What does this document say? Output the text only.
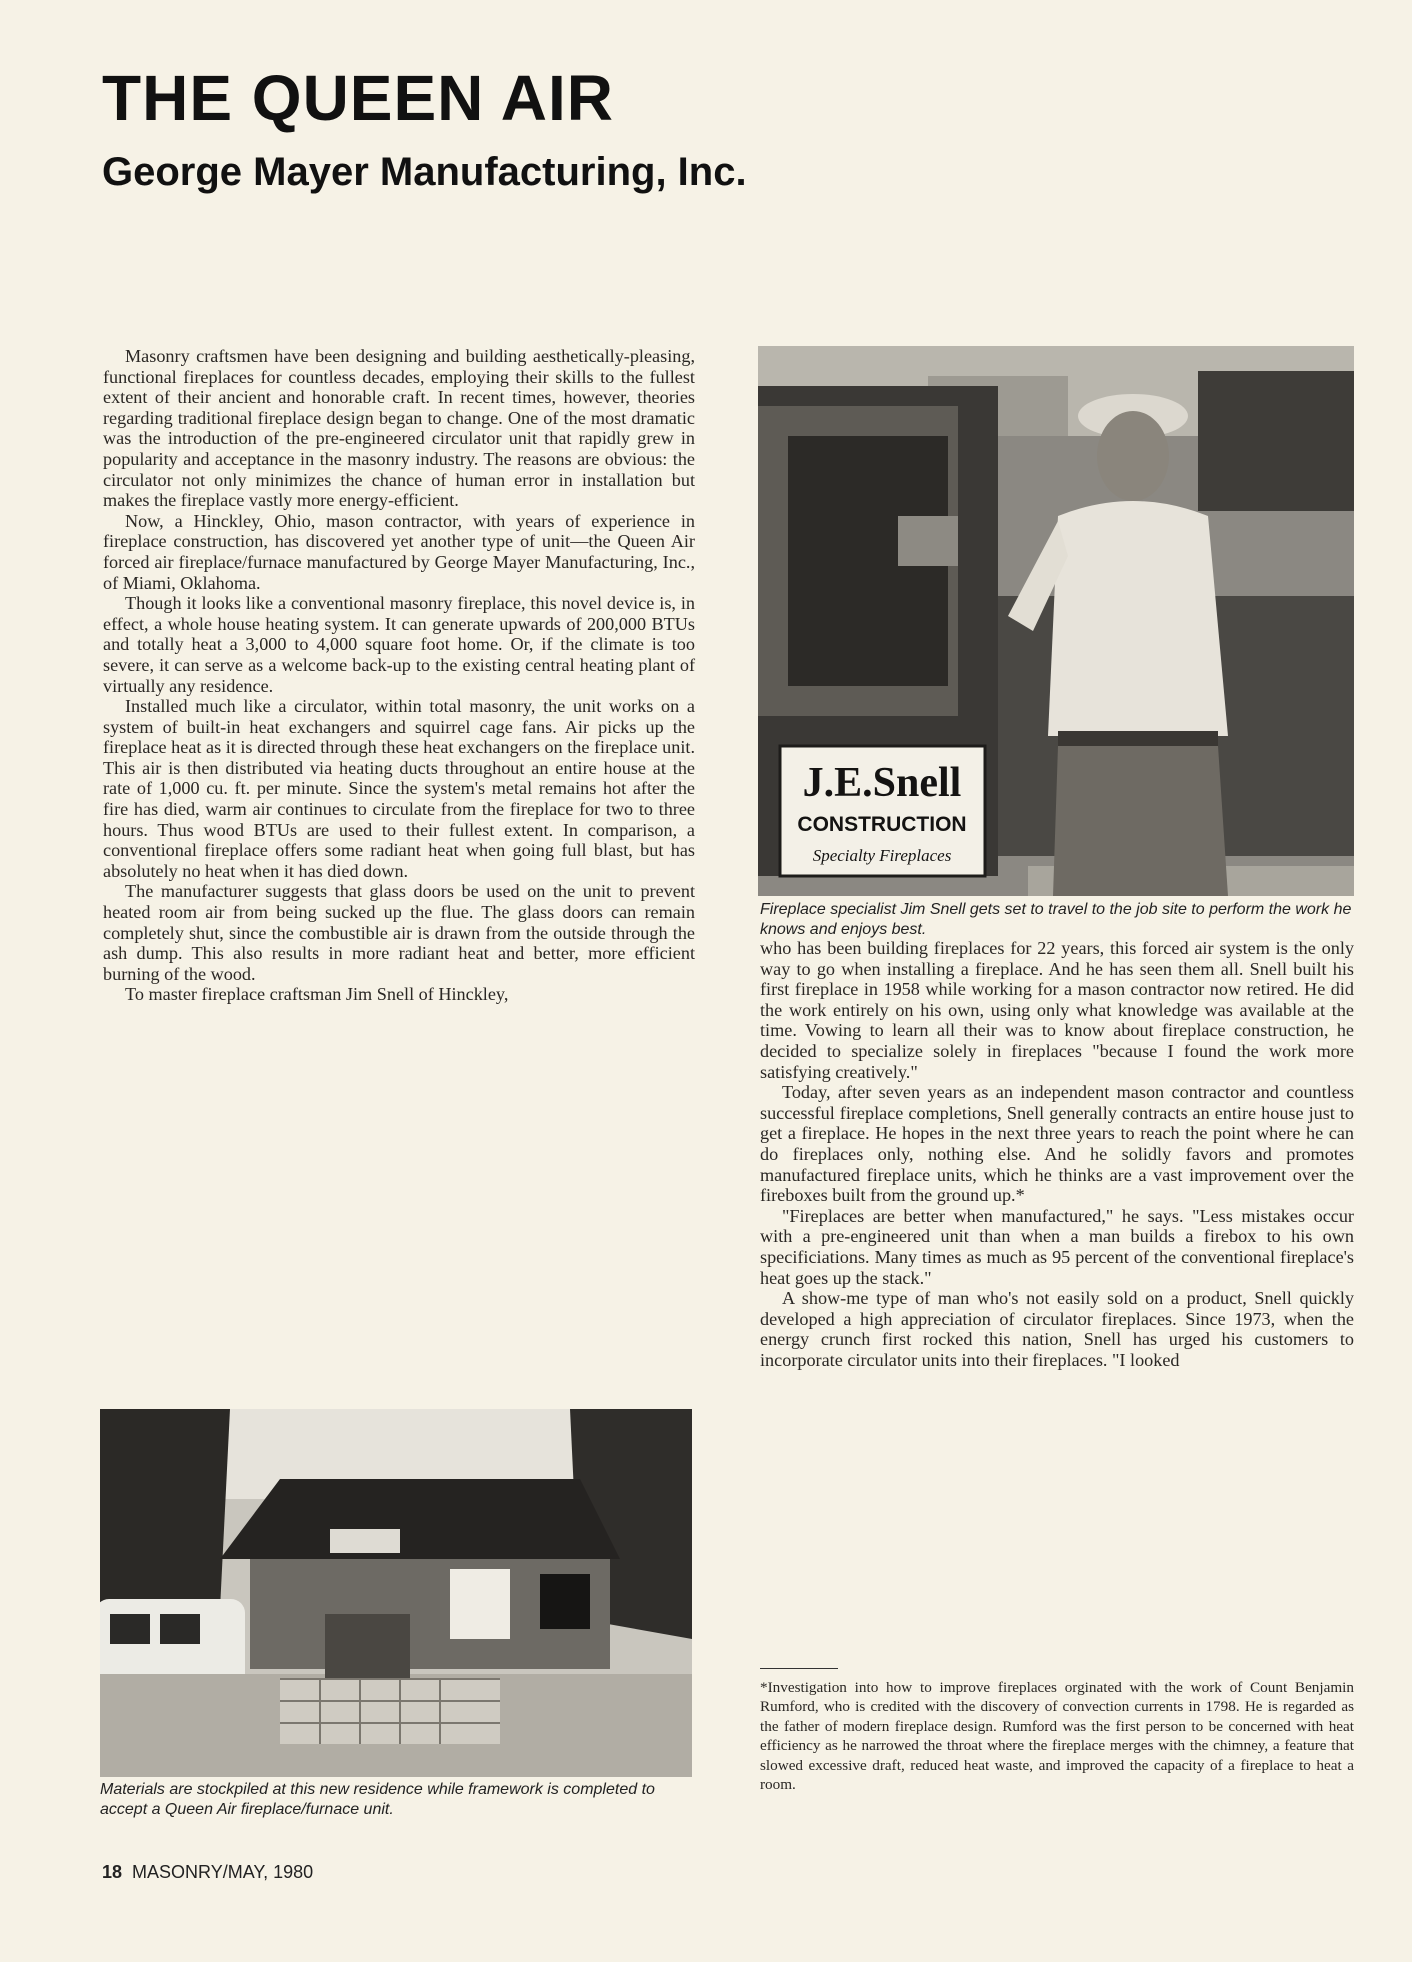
THE QUEEN AIR
George Mayer Manufacturing, Inc.

Masonry craftsmen have been designing and building aesthetically-pleasing, functional fireplaces for countless decades, employing their skills to the fullest extent of their ancient and honorable craft. In recent times, however, theories regarding traditional fireplace design began to change. One of the most dramatic was the introduction of the pre-engineered circulator unit that rapidly grew in popularity and acceptance in the masonry industry. The reasons are obvious: the circulator not only minimizes the chance of human error in installation but makes the fireplace vastly more energy-efficient.

Now, a Hinckley, Ohio, mason contractor, with years of experience in fireplace construction, has discovered yet another type of unit—the Queen Air forced air fireplace/furnace manufactured by George Mayer Manufacturing, Inc., of Miami, Oklahoma.

Though it looks like a conventional masonry fireplace, this novel device is, in effect, a whole house heating system. It can generate upwards of 200,000 BTUs and totally heat a 3,000 to 4,000 square foot home. Or, if the climate is too severe, it can serve as a welcome back-up to the existing central heating plant of virtually any residence.

Installed much like a circulator, within total masonry, the unit works on a system of built-in heat exchangers and squirrel cage fans. Air picks up the fireplace heat as it is directed through these heat exchangers on the fireplace unit. This air is then distributed via heating ducts throughout an entire house at the rate of 1,000 cu. ft. per minute. Since the system's metal remains hot after the fire has died, warm air continues to circulate from the fireplace for two to three hours. Thus wood BTUs are used to their fullest extent. In comparison, a conventional fireplace offers some radiant heat when going full blast, but has absolutely no heat when it has died down.

The manufacturer suggests that glass doors be used on the unit to prevent heated room air from being sucked up the flue. The glass doors can remain completely shut, since the combustible air is drawn from the outside through the ash dump. This also results in more radiant heat and better, more efficient burning of the wood.

To master fireplace craftsman Jim Snell of Hinckley,

J.E.Snell
CONSTRUCTION
Specialty Fireplaces

Fireplace specialist Jim Snell gets set to travel to the job site to perform the work he knows and enjoys best.

who has been building fireplaces for 22 years, this forced air system is the only way to go when installing a fireplace. And he has seen them all. Snell built his first fireplace in 1958 while working for a mason contractor now retired. He did the work entirely on his own, using only what knowledge was available at the time. Vowing to learn all their was to know about fireplace construction, he decided to specialize solely in fireplaces "because I found the work more satisfying creatively."

Today, after seven years as an independent mason contractor and countless successful fireplace completions, Snell generally contracts an entire house just to get a fireplace. He hopes in the next three years to reach the point where he can do fireplaces only, nothing else. And he solidly favors and promotes manufactured fireplace units, which he thinks are a vast improvement over the fireboxes built from the ground up.*

"Fireplaces are better when manufactured," he says. "Less mistakes occur with a pre-engineered unit than when a man builds a firebox to his own specificiations. Many times as much as 95 percent of the conventional fireplace's heat goes up the stack."

A show-me type of man who's not easily sold on a product, Snell quickly developed a high appreciation of circulator fireplaces. Since 1973, when the energy crunch first rocked this nation, Snell has urged his customers to incorporate circulator units into their fireplaces. "I looked

Materials are stockpiled at this new residence while framework is completed to accept a Queen Air fireplace/furnace unit.

*Investigation into how to improve fireplaces orginated with the work of Count Benjamin Rumford, who is credited with the discovery of convection currents in 1798. He is regarded as the father of modern fireplace design. Rumford was the first person to be concerned with heat efficiency as he narrowed the throat where the fireplace merges with the chimney, a feature that slowed excessive draft, reduced heat waste, and improved the capacity of a fireplace to heat a room.

18 MASONRY/MAY, 1980
